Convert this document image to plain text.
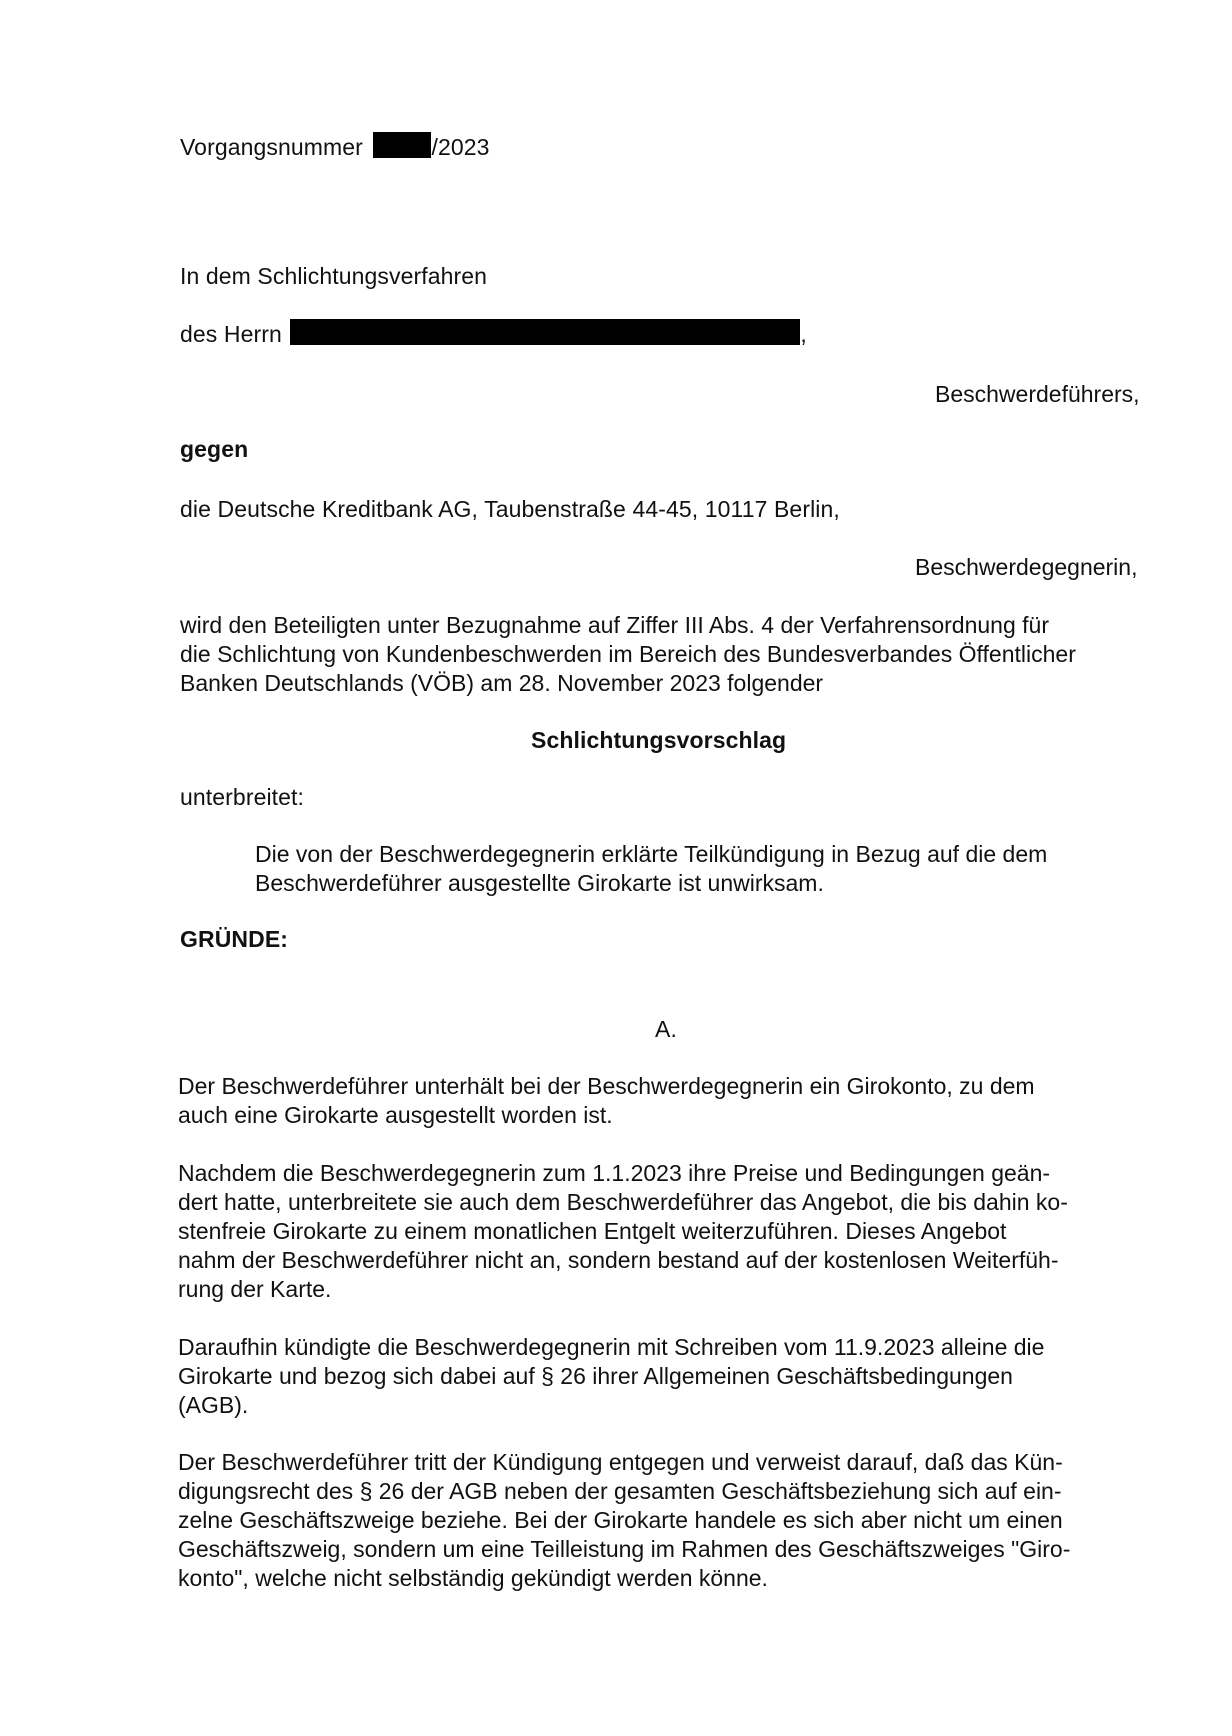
Vorgangsnummer	/2023
In dem Schlichtungsverfahren
des Herrn	,
Beschwerdeführers,
gegen
die Deutsche Kreditbank AG, Taubenstraße 44-45, 10117 Berlin,
Beschwerdegegnerin,
wird den Beteiligten unter Bezugnahme auf Ziffer III Abs. 4 der Verfahrensordnung für
die Schlichtung von Kundenbeschwerden im Bereich des Bundesverbandes Öffentlicher
Banken Deutschlands (VÖB) am 28. November 2023 folgender
Schlichtungsvorschlag
unterbreitet:
Die von der Beschwerdegegnerin erklärte Teilkündigung in Bezug auf die dem
Beschwerdeführer ausgestellte Girokarte ist unwirksam.
GRÜNDE:
A.
Der Beschwerdeführer unterhält bei der Beschwerdegegnerin ein Girokonto, zu dem
auch eine Girokarte ausgestellt worden ist.
Nachdem die Beschwerdegegnerin zum 1.1.2023 ihre Preise und Bedingungen geän-
dert hatte, unterbreitete sie auch dem Beschwerdeführer das Angebot, die bis dahin ko-
stenfreie Girokarte zu einem monatlichen Entgelt weiterzuführen. Dieses Angebot
nahm der Beschwerdeführer nicht an, sondern bestand auf der kostenlosen Weiterfüh-
rung der Karte.
Daraufhin kündigte die Beschwerdegegnerin mit Schreiben vom 11.9.2023 alleine die
Girokarte und bezog sich dabei auf § 26 ihrer Allgemeinen Geschäftsbedingungen
(AGB).
Der Beschwerdeführer tritt der Kündigung entgegen und verweist darauf, daß das Kün-
digungsrecht des § 26 der AGB neben der gesamten Geschäftsbeziehung sich auf ein-
zelne Geschäftszweige beziehe. Bei der Girokarte handele es sich aber nicht um einen
Geschäftszweig, sondern um eine Teilleistung im Rahmen des Geschäftszweiges "Giro-
konto", welche nicht selbständig gekündigt werden könne.
